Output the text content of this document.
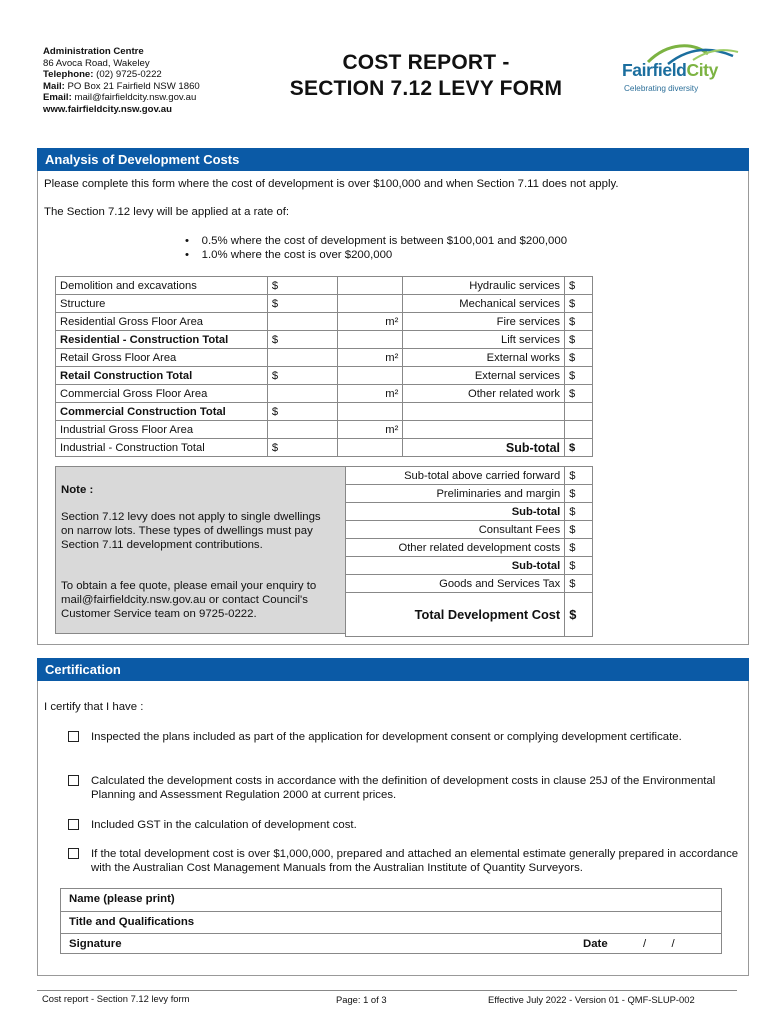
Administration Centre
86 Avoca Road, Wakeley
Telephone: (02) 9725-0222
Mail: PO Box 21 Fairfield NSW 1860
Email: mail@fairfieldcity.nsw.gov.au
www.fairfieldcity.nsw.gov.au
COST REPORT -
SECTION 7.12 LEVY FORM
FairfieldCity
Celebrating diversity
Analysis of Development Costs
Please complete this form where the cost of development is over $100,000 and when Section 7.11 does not apply.
The Section 7.12 levy will be applied at a rate of:
•    0.5% where the cost of development is between $100,001 and $200,000
•    1.0% where the cost is over $200,000
Demolition and excavations	$		Hydraulic services	$
Structure	$		Mechanical services	$
Residential Gross Floor Area		m²	Fire services	$
Residential - Construction Total	$		Lift services	$
Retail Gross Floor Area		m²	External works	$
Retail Construction Total	$		External services	$
Commercial Gross Floor Area		m²	Other related work	$
Commercial Construction Total	$			
Industrial Gross Floor Area		m²		
Industrial - Construction Total	$		Sub-total	$
Note :
Section 7.12 levy does not apply to single dwellings on narrow lots. These types of dwellings must pay Section 7.11 development contributions.
To obtain a fee quote, please email your enquiry to mail@fairfieldcity.nsw.gov.au or contact Council's Customer Service team on 9725-0222.
Sub-total above carried forward	$
Preliminaries and margin	$
Sub-total	$
Consultant Fees	$
Other related development costs	$
Sub-total	$
Goods and Services Tax	$
Total Development Cost	$
Certification
I certify that I have :
Inspected the plans included as part of the application for development consent or complying development certificate.
Calculated the development costs in accordance with the definition of development costs in clause 25J of the Environmental Planning and Assessment Regulation 2000 at current prices.
Included GST in the calculation of development cost.
If the total development cost is over $1,000,000, prepared and attached an elemental estimate generally prepared in accordance with the Australian Cost Management Manuals from the Australian Institute of Quantity Surveyors.
Name (please print)
Title and Qualifications
Signature	Date	/        /
Cost report - Section 7.12 levy form	Page: 1 of 3	Effective July 2022 - Version 01 - QMF-SLUP-002
